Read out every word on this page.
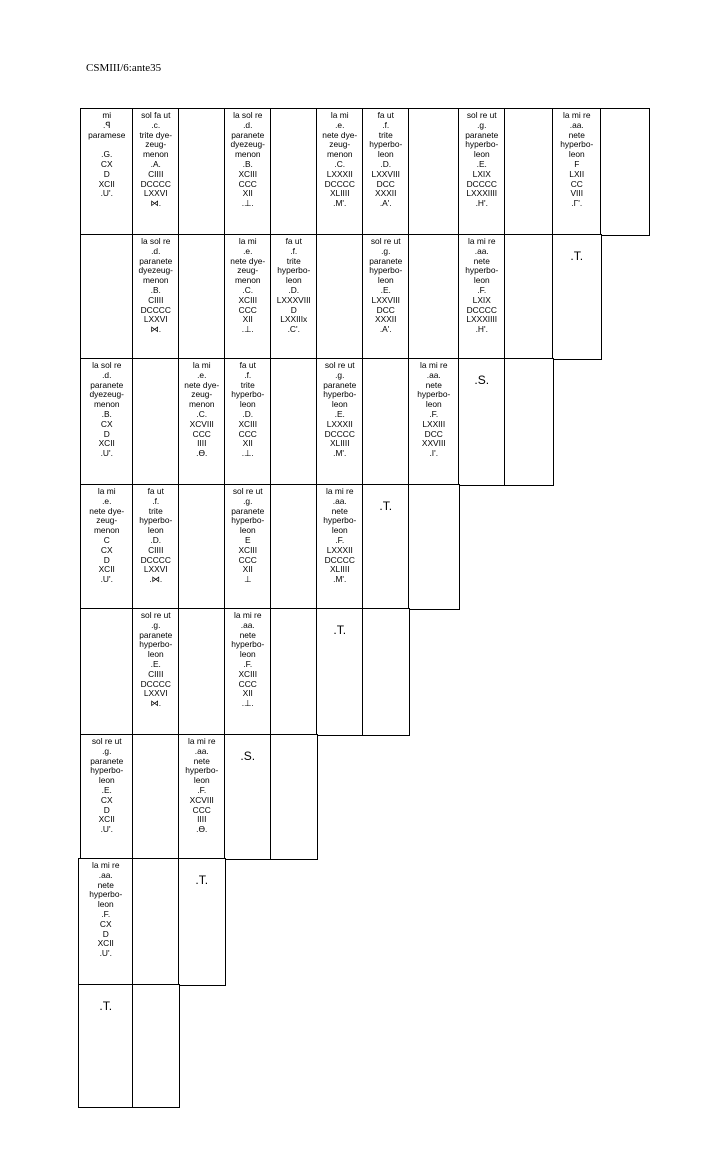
CSMIII/6:ante35
mi
.ꟼ
paramese

.G.
CX
D
XCII
.U'.
sol fa ut
.c.
trite dye-
zeug-
menon
.A.
CIIII
DCCCC
LXXVI
⋈.
la sol re
.d.
paranete
dyezeug-
menon
.B.
XCIII
CCC
XII
.⊥.
la mi
.e.
nete dye-
zeug-
menon
.C.
LXXXII
DCCCC
XLIIII
.M'.
fa ut
.f.
trite
hyperbo-
leon
.D.
LXXVIII
DCC
XXXII
.A'.
sol re ut
.g.
paranete
hyperbo-
leon
.E.
LXIX
DCCCC
LXXXIIII
.H'.
la mi re
.aa.
nete
hyperbo-
leon
F
LXII
CC
VIII
.Γ'.
la sol re
.d.
paranete
dyezeug-
menon
.B.
CIIII
DCCCC
LXXVI
⋈.
la mi
.e.
nete dye-
zeug-
menon
.C.
XCIII
CCC
XII
.⊥.
fa ut
.f.
trite
hyperbo-
leon
.D.
LXXXVIII
D
LXXIIIx
.C'.
sol re ut
.g.
paranete
hyperbo-
leon
.E.
LXXVIII
DCC
XXXII
.A'.
la mi re
.aa.
nete
hyperbo-
leon
.F.
LXIX
DCCCC
LXXXIIII
.H'.
.T.
la sol re
.d.
paranete
dyezeug-
menon
.B.
CX
D
XCII
.U'.
la mi
.e.
nete dye-
zeug-
menon
.C.
XCVIII
CCC
IIII
.ϴ.
fa ut
.f.
trite
hyperbo-
leon
.D.
XCIII
CCC
XII
.⊥.
sol re ut
.g.
paranete
hyperbo-
leon
.E.
LXXXII
DCCCC
XLIIII
.M'.
la mi re
.aa.
nete
hyperbo-
leon
.F.
LXXIII
DCC
XXVIII
.I'.
.S.
la mi
.e.
nete dye-
zeug-
menon
C
CX
D
XCII
.U'.
fa ut
.f.
trite
hyperbo-
leon
.D.
CIIII
DCCCC
LXXVI
.⋈.
sol re ut
.g.
paranete
hyperbo-
leon
E
XCIII
CCC
XII
⊥
la mi re
.aa.
nete
hyperbo-
leon
.F.
LXXXII
DCCCC
XLIIII
.M'.
.T.
sol re ut
.g.
paranete
hyperbo-
leon
.E.
CIIII
DCCCC
LXXVI
⋈.
la mi re
.aa.
nete
hyperbo-
leon
.F.
XCIII
CCC
XII
.⊥.
.T.
sol re ut
.g.
paranete
hyperbo-
leon
.E.
CX
D
XCII
.U'.
la mi re
.aa.
nete
hyperbo-
leon
.F.
XCVIII
CCC
IIII
.ϴ.
.S.
la mi re
.aa.
nete
hyperbo-
leon
.F.
CX
D
XCII
.U'.
.T.
.T.
